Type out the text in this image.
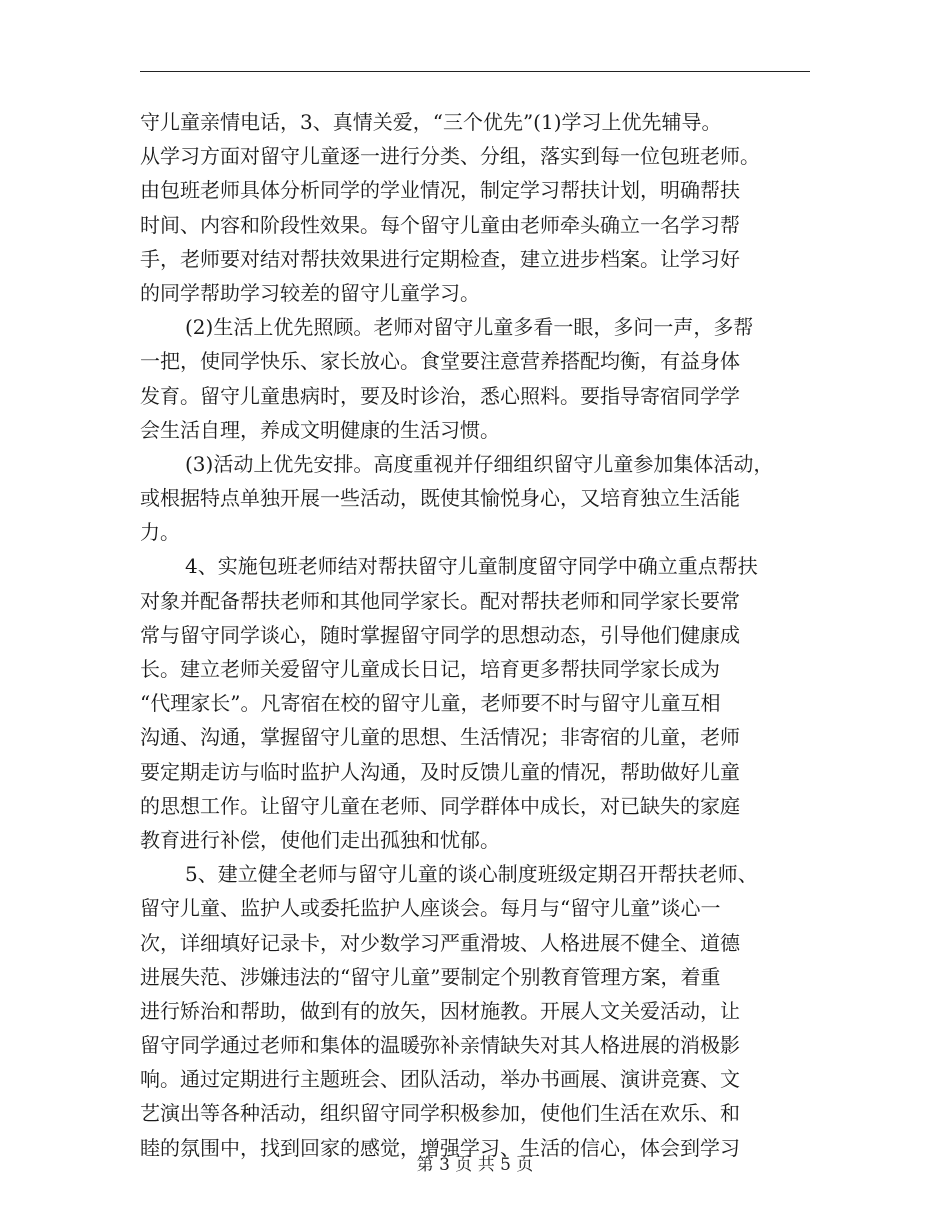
守儿童亲情电话，3、真情关爱，“三个优先”(1)学习上优先辅导。
从学习方面对留守儿童逐一进行分类、分组，落实到每一位包班老师。
由包班老师具体分析同学的学业情况，制定学习帮扶计划，明确帮扶
时间、内容和阶段性效果。每个留守儿童由老师牵头确立一名学习帮
手，老师要对结对帮扶效果进行定期检查，建立进步档案。让学习好
的同学帮助学习较差的留守儿童学习。
(2)生活上优先照顾。老师对留守儿童多看一眼，多问一声，多帮
一把，使同学快乐、家长放心。食堂要注意营养搭配均衡，有益身体
发育。留守儿童患病时，要及时诊治，悉心照料。要指导寄宿同学学
会生活自理，养成文明健康的生活习惯。
(3)活动上优先安排。高度重视并仔细组织留守儿童参加集体活动，
或根据特点单独开展一些活动，既使其愉悦身心，又培育独立生活能
力。
4、实施包班老师结对帮扶留守儿童制度留守同学中确立重点帮扶
对象并配备帮扶老师和其他同学家长。配对帮扶老师和同学家长要常
常与留守同学谈心，随时掌握留守同学的思想动态，引导他们健康成
长。建立老师关爱留守儿童成长日记，培育更多帮扶同学家长成为
“代理家长”。凡寄宿在校的留守儿童，老师要不时与留守儿童互相
沟通、沟通，掌握留守儿童的思想、生活情况；非寄宿的儿童，老师
要定期走访与临时监护人沟通，及时反馈儿童的情况，帮助做好儿童
的思想工作。让留守儿童在老师、同学群体中成长，对已缺失的家庭
教育进行补偿，使他们走出孤独和忧郁。
5、建立健全老师与留守儿童的谈心制度班级定期召开帮扶老师、
留守儿童、监护人或委托监护人座谈会。每月与“留守儿童”谈心一
次，详细填好记录卡，对少数学习严重滑坡、人格进展不健全、道德
进展失范、涉嫌违法的“留守儿童”要制定个别教育管理方案，着重
进行矫治和帮助，做到有的放矢，因材施教。开展人文关爱活动，让
留守同学通过老师和集体的温暖弥补亲情缺失对其人格进展的消极影
响。通过定期进行主题班会、团队活动，举办书画展、演讲竞赛、文
艺演出等各种活动，组织留守同学积极参加，使他们生活在欢乐、和
睦的氛围中，找到回家的感觉，增强学习、生活的信心，体会到学习
第 3 页 共 5 页
